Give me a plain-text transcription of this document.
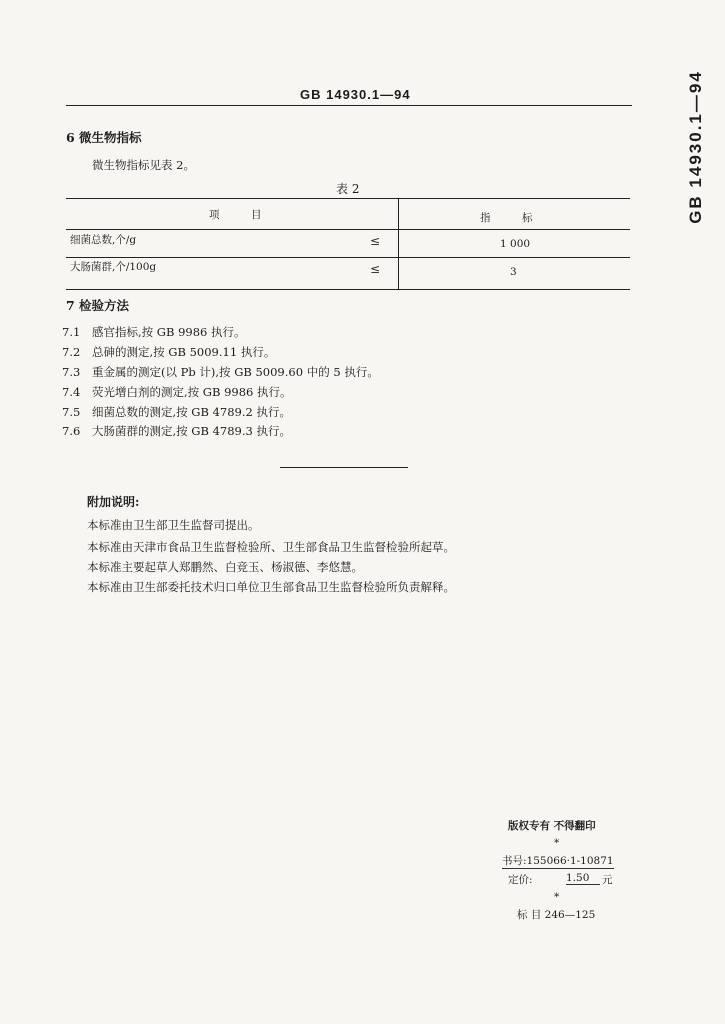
GB 14930.1—94	GB 14930.1—94
6 微生物指标
微生物指标见表 2。
表 2
项　　　目	指　　　标
细菌总数,个/g	≤	1 000
大肠菌群,个/100g	≤	3
7 检验方法
7.1 感官指标,按 GB 9986 执行。
7.2 总砷的测定,按 GB 5009.11 执行。
7.3 重金属的测定(以 Pb 计),按 GB 5009.60 中的 5 执行。
7.4 荧光增白剂的测定,按 GB 9986 执行。
7.5 细菌总数的测定,按 GB 4789.2 执行。
7.6 大肠菌群的测定,按 GB 4789.3 执行。
附加说明:
本标准由卫生部卫生监督司提出。
本标准由天津市食品卫生监督检验所、卫生部食品卫生监督检验所起草。
本标准主要起草人郑鹏然、白竞玉、杨淑德、李悠慧。
本标准由卫生部委托技术归口单位卫生部食品卫生监督检验所负责解释。
版权专有 不得翻印
*
书号:155066·1-10871
定价:	1.50	元
*
标 目 246—125
